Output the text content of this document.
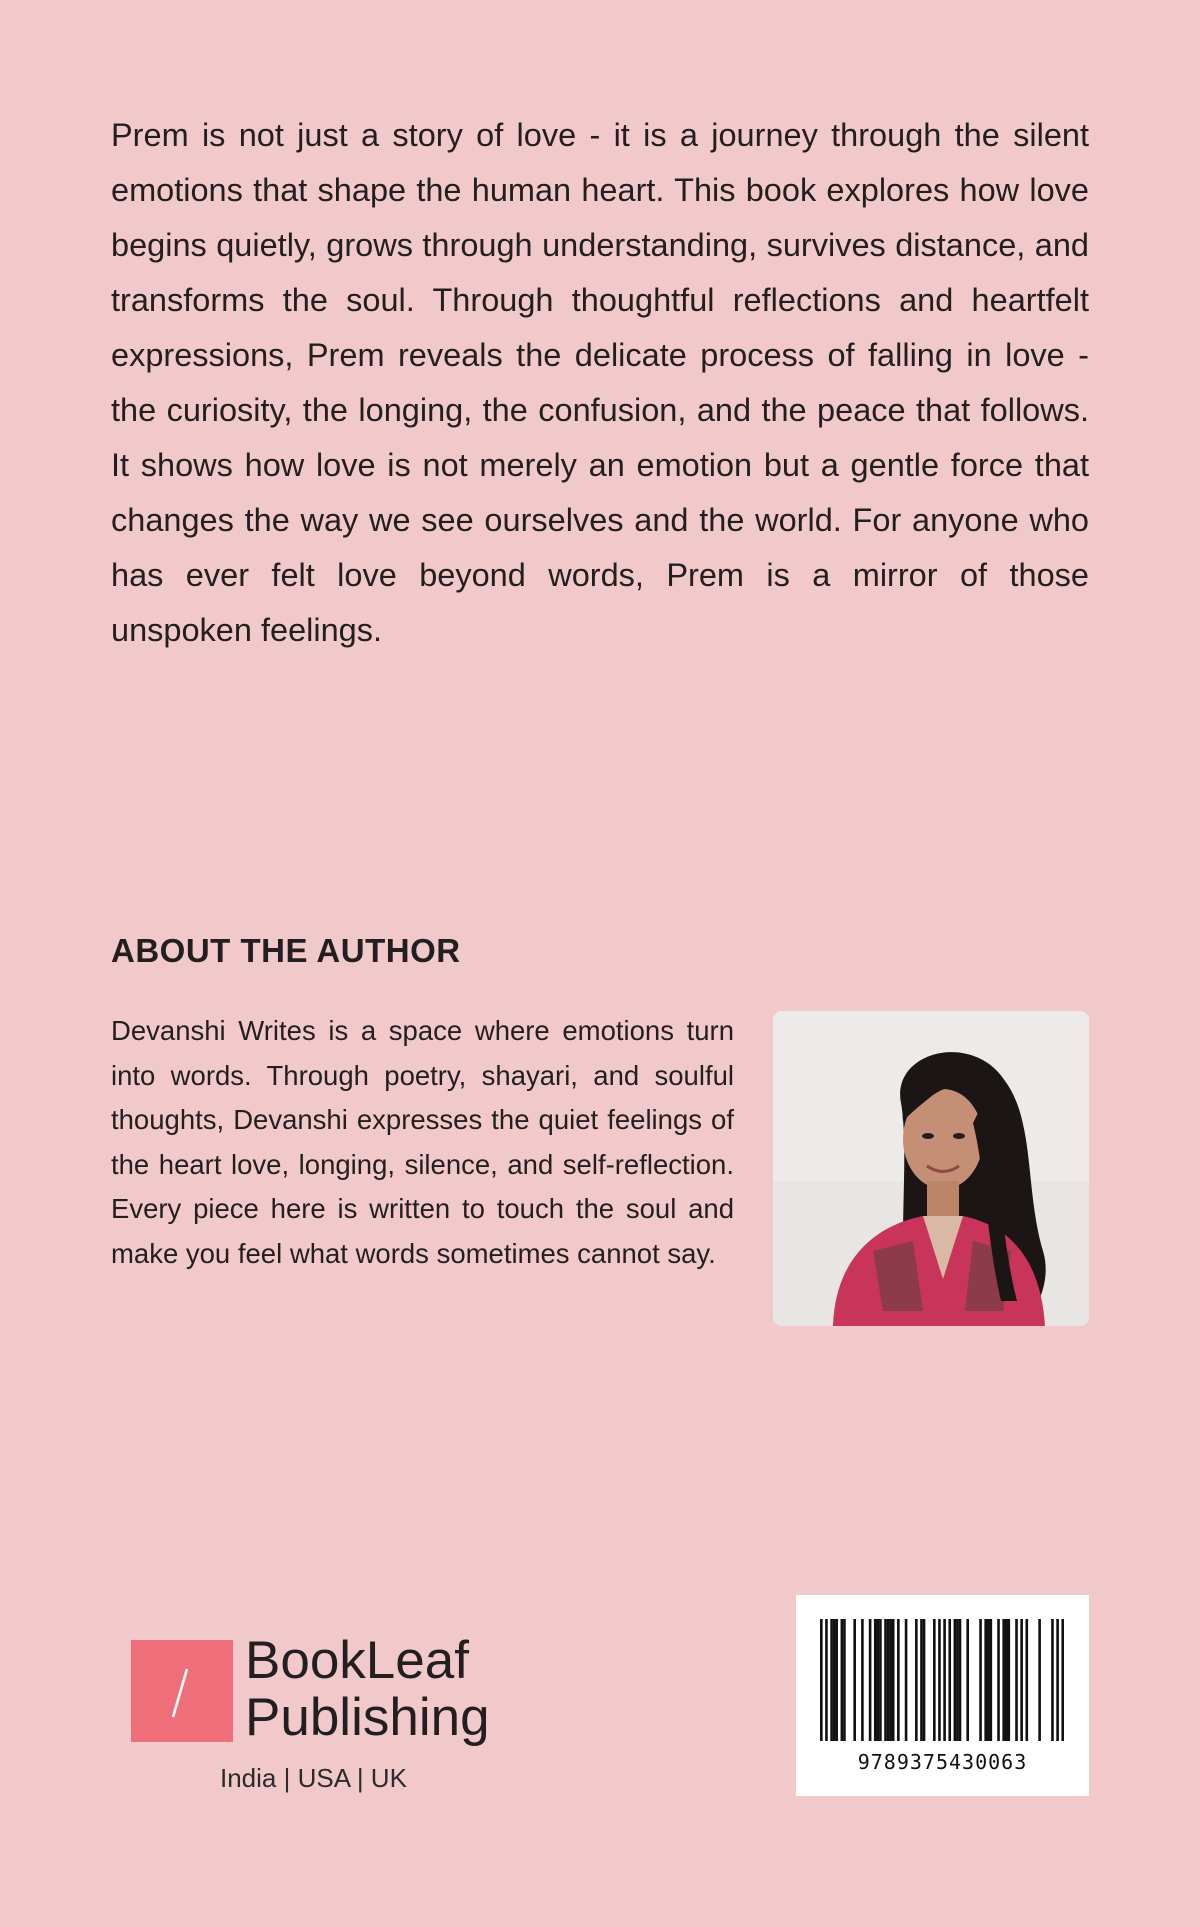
Prem is not just a story of love - it is a journey through the silent emotions that shape the human heart. This book explores how love begins quietly, grows through understanding, survives distance, and transforms the soul. Through thoughtful reflections and heartfelt expressions, Prem reveals the delicate process of falling in love - the curiosity, the longing, the confusion, and the peace that follows. It shows how love is not merely an emotion but a gentle force that changes the way we see ourselves and the world. For anyone who has ever felt love beyond words, Prem is a mirror of those unspoken feelings.

ABOUT THE AUTHOR

Devanshi Writes is a space where emotions turn into words. Through poetry, shayari, and soulful thoughts, Devanshi expresses the quiet feelings of the heart love, longing, silence, and self-reflection. Every piece here is written to touch the soul and make you feel what words sometimes cannot say.

BookLeaf
Publishing
India | USA | UK
9789375430063
